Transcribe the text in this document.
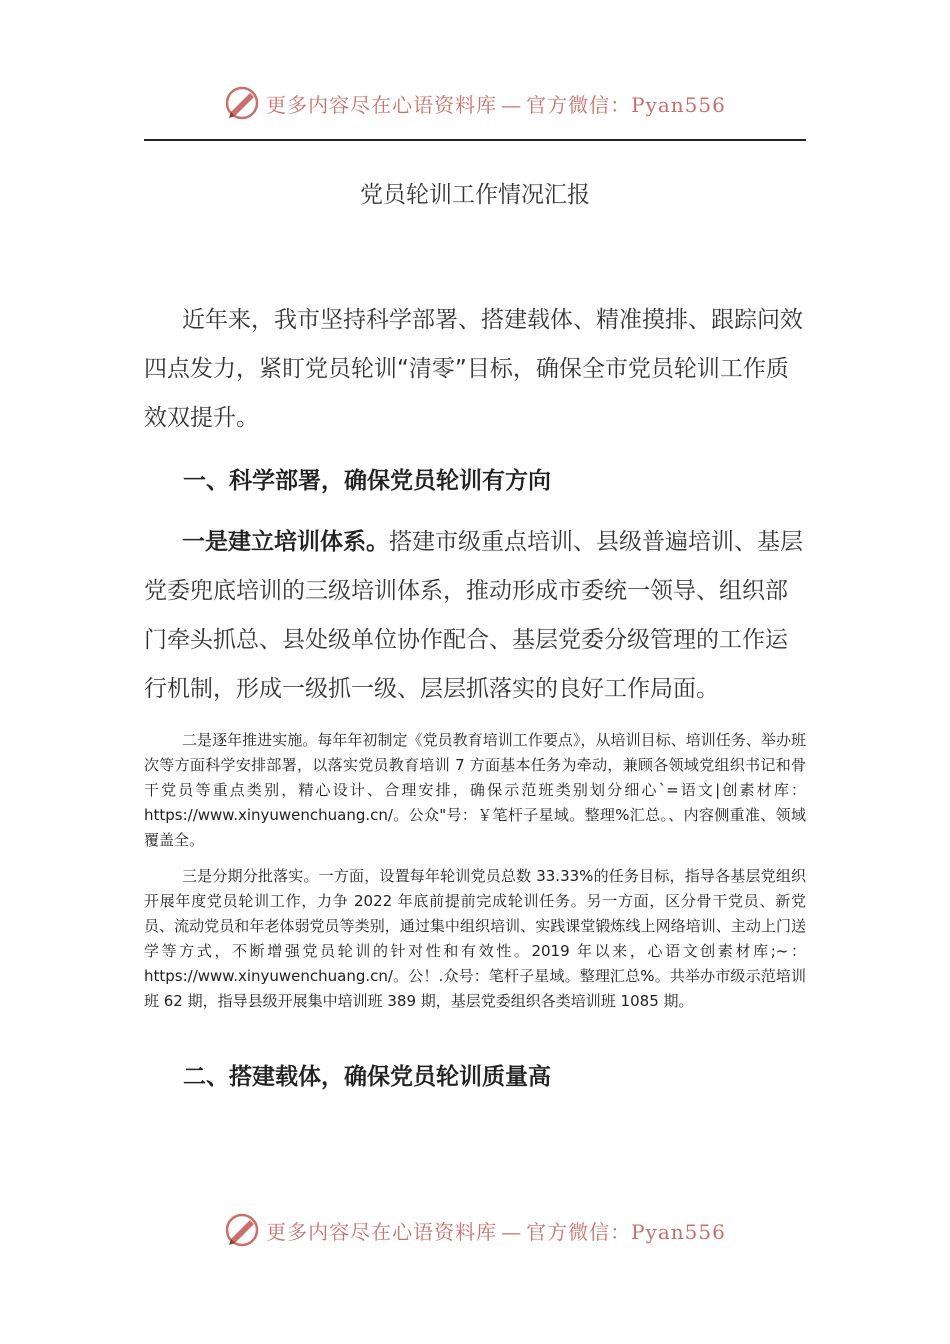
更多内容尽在心语资料库 — 官方微信：Pyan556
党员轮训工作情况汇报

近年来，我市坚持科学部署、搭建载体、精准摸排、跟踪问效四点发力，紧盯党员轮训“清零”目标，确保全市党员轮训工作质效双提升。

一、科学部署，确保党员轮训有方向

一是建立培训体系。搭建市级重点培训、县级普遍培训、基层党委兜底培训的三级培训体系，推动形成市委统一领导、组织部门牵头抓总、县处级单位协作配合、基层党委分级管理的工作运行机制，形成一级抓一级、层层抓落实的良好工作局面。

二是逐年推进实施。每年年初制定《党员教育培训工作要点》，从培训目标、培训任务、举办班次等方面科学安排部署，以落实党员教育培训 7 方面基本任务为牵动，兼顾各领域党组织书记和骨干党员等重点类别，精心设计、合理安排，确保示范班类别划分细心`=语文|创素材库：https://www.xinyuwenchuang.cn/。公众"号：￥笔杆子星域。整理%汇总。、内容侧重准、领域覆盖全。

三是分期分批落实。一方面，设置每年轮训党员总数 33.33%的任务目标，指导各基层党组织开展年度党员轮训工作，力争 2022 年底前提前完成轮训任务。另一方面，区分骨干党员、新党员、流动党员和年老体弱党员等类别，通过集中组织培训、实践课堂锻炼线上网络培训、主动上门送学等方式，不断增强党员轮训的针对性和有效性。2019 年以来，心语文创素材库;~：https://www.xinyuwenchuang.cn/。公！.众号：笔杆子星域。整理汇总%。共举办市级示范培训班 62 期，指导县级开展集中培训班 389 期，基层党委组织各类培训班 1085 期。

二、搭建载体，确保党员轮训质量高
更多内容尽在心语资料库 — 官方微信：Pyan556
